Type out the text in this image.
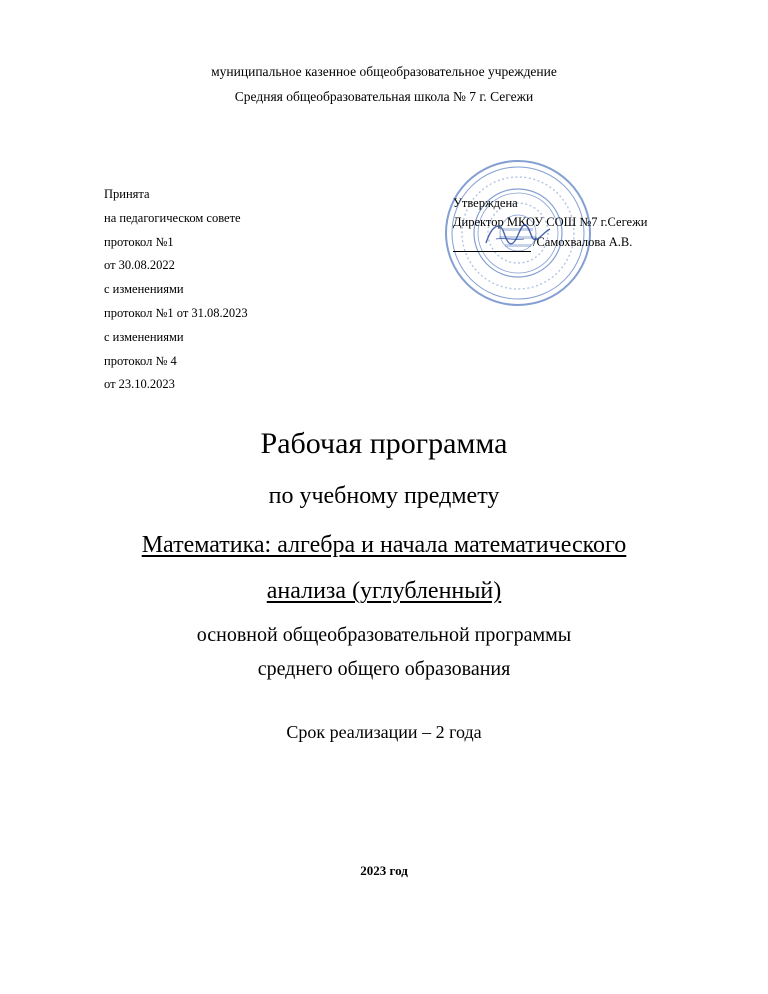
муниципальное казенное общеобразовательное учреждение
Средняя общеобразовательная школа № 7 г. Сегежи
Принята
на педагогическом совете
протокол №1
от 30.08.2022
с изменениями
протокол №1 от 31.08.2023
с изменениями
протокол № 4
от 23.10.2023
Утверждена
Директор МКОУ СОШ №7 г.Сегежи
/Самохвалова А.В.
Рабочая программа
по учебному предмету
Математика: алгебра и начала математического
анализа (углубленный)
основной общеобразовательной программы
среднего общего образования
Срок реализации – 2 года
2023 год
